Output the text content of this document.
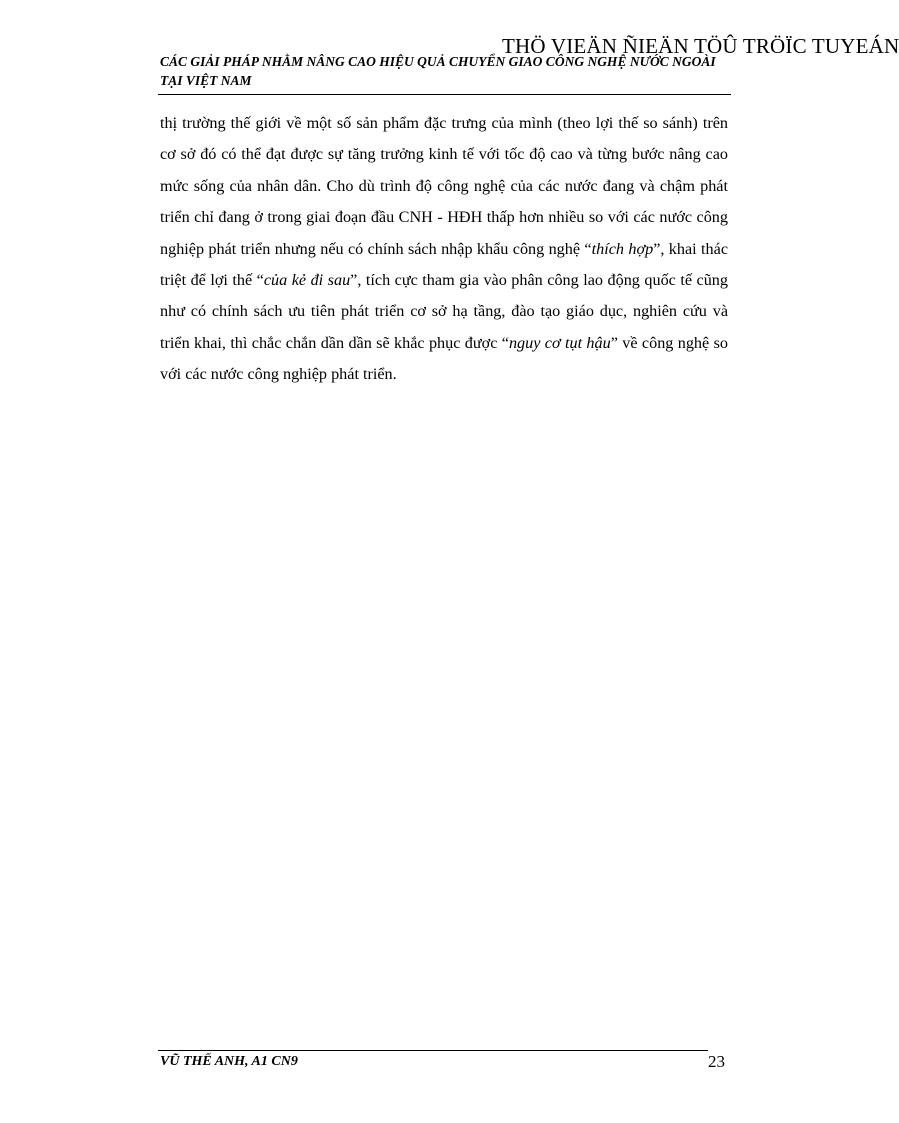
THÖ VIEÄN ÑIEÄN TÖÛ TRÖÏC TUYEÁN
CÁC GIẢI PHÁP NHẰM NÂNG CAO HIỆU QUẢ CHUYỂN GIAO CÔNG NGHỆ NƯỚC NGOÀI TẠI VIỆT NAM

thị trường thế giới về một số sản phẩm đặc trưng của mình (theo lợi thế so sánh) trên cơ sở đó có thể đạt được sự tăng trưởng kinh tế với tốc độ cao và từng bước nâng cao mức sống của nhân dân. Cho dù trình độ công nghệ của các nước đang và chậm phát triển chỉ đang ở trong giai đoạn đầu CNH - HĐH thấp hơn nhiều so với các nước công nghiệp phát triển nhưng nếu có chính sách nhập khẩu công nghệ “thích hợp”, khai thác triệt để lợi thế “của kẻ đi sau”, tích cực tham gia vào phân công lao động quốc tế cũng như có chính sách ưu tiên phát triển cơ sở hạ tầng, đào tạo giáo dục, nghiên cứu và triển khai, thì chắc chắn dần dần sẽ khắc phục được “nguy cơ tụt hậu” về công nghệ so với các nước công nghiệp phát triển.

VŨ THẾ ANH, A1 CN9	23
